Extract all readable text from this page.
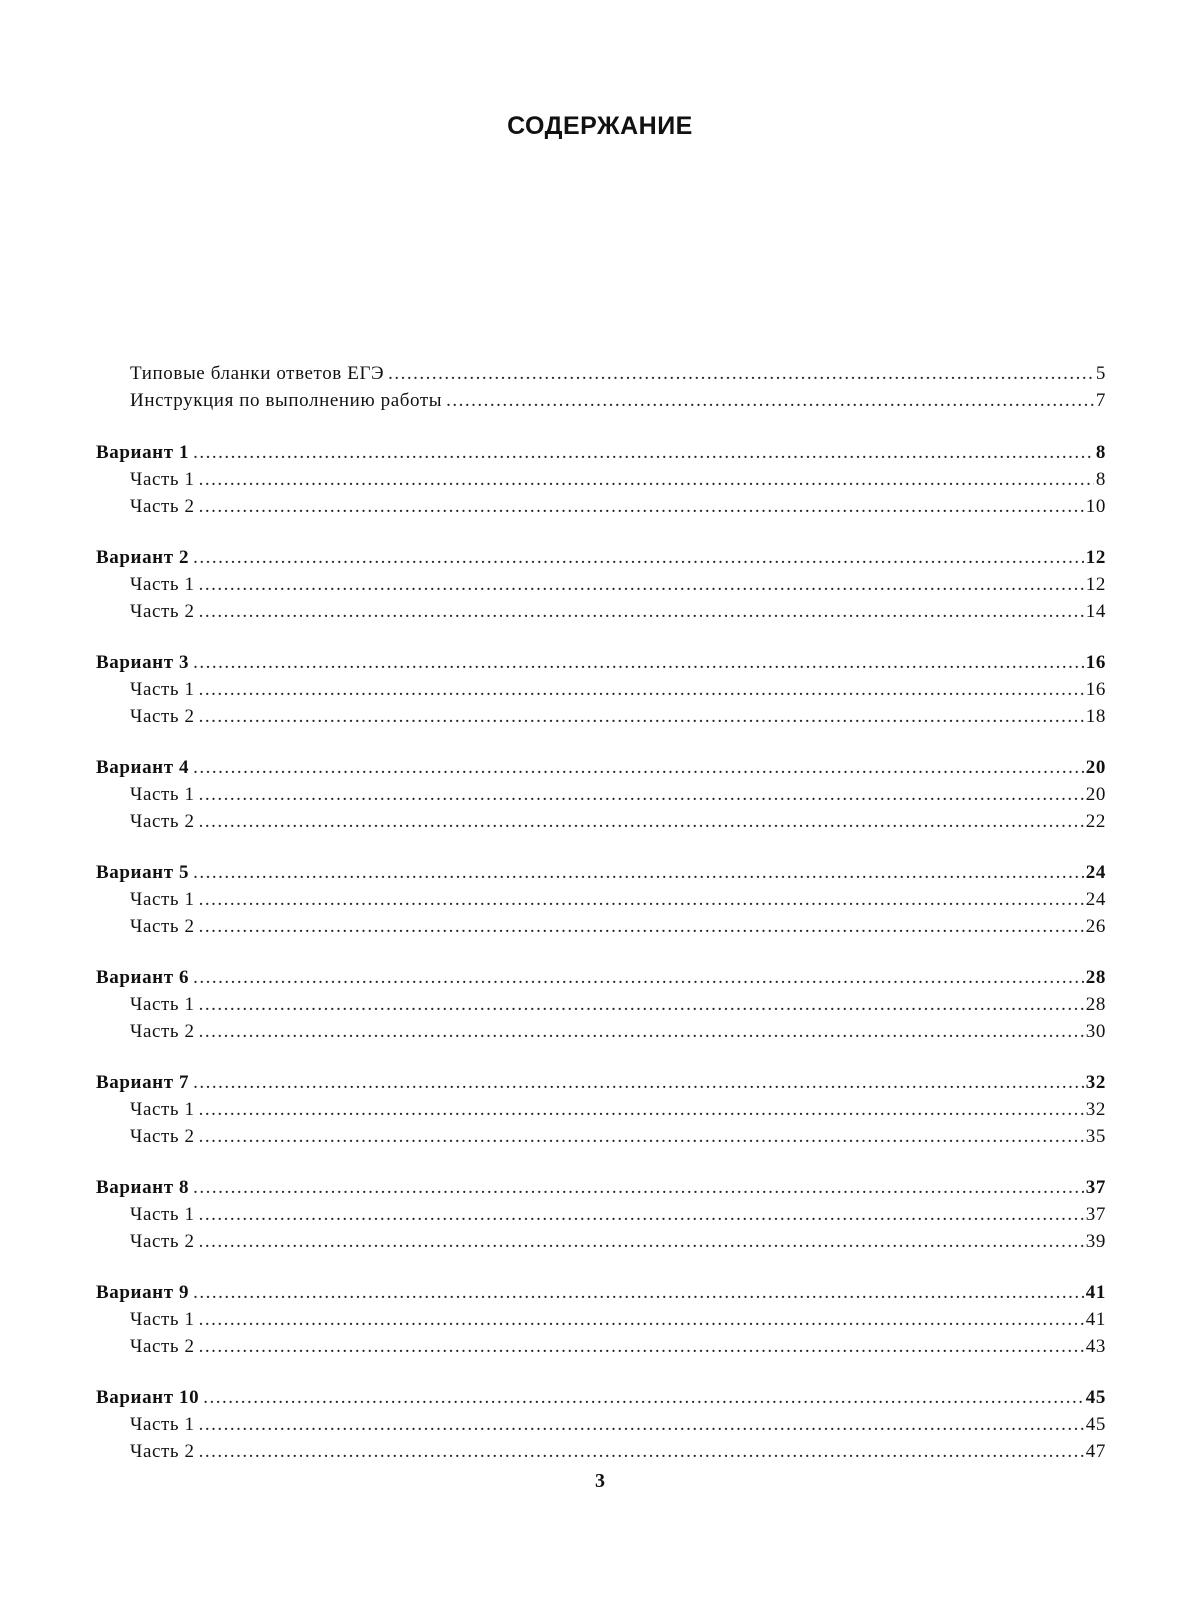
СОДЕРЖАНИЕ
Типовые бланки ответов ЕГЭ .....	5
Инструкция по выполнению работы .....	7
Вариант 1 .....	8
Часть 1 .....	8
Часть 2 .....	10
Вариант 2 .....	12
Часть 1 .....	12
Часть 2 .....	14
Вариант 3 .....	16
Часть 1 .....	16
Часть 2 .....	18
Вариант 4 .....	20
Часть 1 .....	20
Часть 2 .....	22
Вариант 5 .....	24
Часть 1 .....	24
Часть 2 .....	26
Вариант 6 .....	28
Часть 1 .....	28
Часть 2 .....	30
Вариант 7 .....	32
Часть 1 .....	32
Часть 2 .....	35
Вариант 8 .....	37
Часть 1 .....	37
Часть 2 .....	39
Вариант 9 .....	41
Часть 1 .....	41
Часть 2 .....	43
Вариант 10 .....	45
Часть 1 .....	45
Часть 2 .....	47
3
